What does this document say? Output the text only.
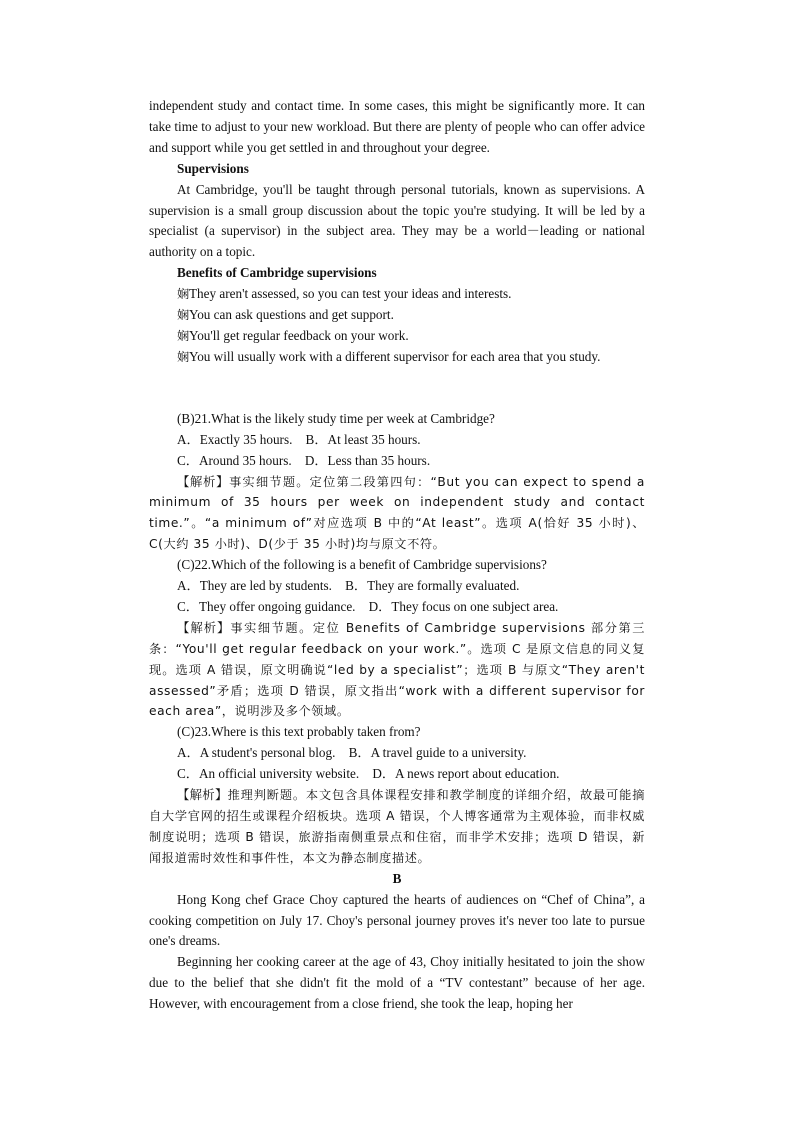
independent study and contact time. In some cases, this might be significantly more. It can take time to adjust to your new workload. But there are plenty of people who can offer advice and support while you get settled in and throughout your degree.

Supervisions

At Cambridge, you'll be taught through personal tutorials, known as supervisions. A supervision is a small group discussion about the topic you're studying. It will be led by a specialist (a supervisor) in the subject area. They may be a world－leading or national authority on a topic.

Benefits of Cambridge supervisions

娴They aren't assessed, so you can test your ideas and interests.

娴You can ask questions and get support.

娴You'll get regular feedback on your work.

娴You will usually work with a different supervisor for each area that you study.

(B)21.What is the likely study time per week at Cambridge?

A．Exactly 35 hours.　B．At least 35 hours.

C．Around 35 hours.　D．Less than 35 hours.

【解析】事实细节题。定位第二段第四句：“But you can expect to spend a minimum of 35 hours per week on independent study and contact time.”。“a minimum of”对应选项 B 中的“At least”。选项 A(恰好 35 小时)、C(大约 35 小时)、D(少于 35 小时)均与原文不符。

(C)22.Which of the following is a benefit of Cambridge supervisions?

A．They are led by students.　B．They are formally evaluated.

C．They offer ongoing guidance.　D．They focus on one subject area.

【解析】事实细节题。定位 Benefits of Cambridge supervisions 部分第三条：“You'll get regular feedback on your work.”。选项 C 是原文信息的同义复现。选项 A 错误，原文明确说“led by a specialist”；选项 B 与原文“They aren't assessed”矛盾；选项 D 错误，原文指出“work with a different supervisor for each area”，说明涉及多个领域。

(C)23.Where is this text probably taken from?

A．A student's personal blog.　B．A travel guide to a university.

C．An official university website.　D．A news report about education.

【解析】推理判断题。本文包含具体课程安排和教学制度的详细介绍，故最可能摘自大学官网的招生或课程介绍板块。选项 A 错误，个人博客通常为主观体验，而非权威制度说明；选项 B 错误，旅游指南侧重景点和住宿，而非学术安排；选项 D 错误，新闻报道需时效性和事件性，本文为静态制度描述。

B

Hong Kong chef Grace Choy captured the hearts of audiences on “Chef of China”, a cooking competition on July 17. Choy's personal journey proves it's never too late to pursue one's dreams.

Beginning her cooking career at the age of 43, Choy initially hesitated to join the show due to the belief that she didn't fit the mold of a “TV contestant” because of her age. However, with encouragement from a close friend, she took the leap, hoping her
